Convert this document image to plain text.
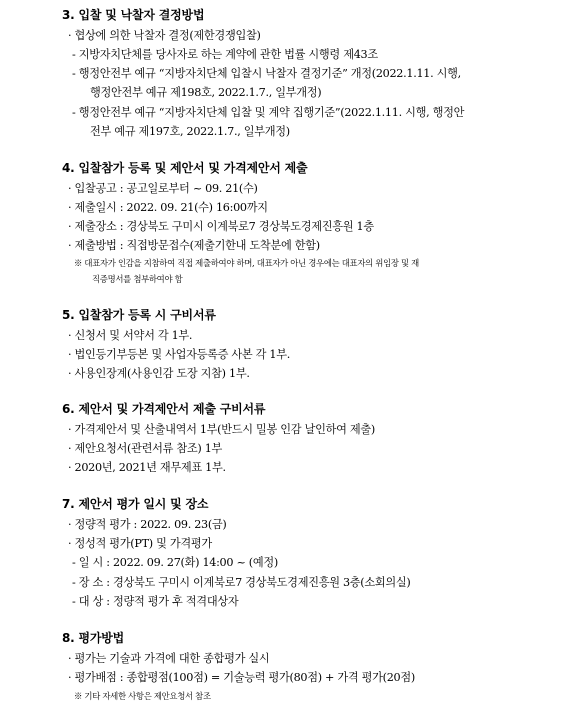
3. 입찰 및 낙찰자 결정방법
· 협상에 의한 낙찰자 결정(제한경쟁입찰)
- 지방자치단체를 당사자로 하는 계약에 관한 법률 시행령 제43조
- 행정안전부 예규 “지방자치단체 입찰시 낙찰자 결정기준” 개정(2022.1.11. 시행,
행정안전부 예규 제198호, 2022.1.7., 일부개정)
- 행정안전부 예규 “지방자치단체 입찰 및 계약 집행기준”(2022.1.11. 시행, 행정안
전부 예규 제197호, 2022.1.7., 일부개정)
4. 입찰참가 등록 및 제안서 및 가격제안서 제출
· 입찰공고 : 공고일로부터 ~ 09. 21(수)
· 제출일시 : 2022. 09. 21(수) 16:00까지
· 제출장소 : 경상북도 구미시 이계북로7 경상북도경제진흥원 1층
· 제출방법 : 직접방문접수(제출기한내 도착분에 한함)
※ 대표자가 인감을 지참하여 직접 제출하여야 하며, 대표자가 아닌 경우에는 대표자의 위임장 및 재
직증명서를 첨부하여야 함
5. 입찰참가 등록 시 구비서류
· 신청서 및 서약서 각 1부.
· 법인등기부등본 및 사업자등록증 사본 각 1부.
· 사용인장계(사용인감 도장 지참) 1부.
6. 제안서 및 가격제안서 제출 구비서류
· 가격제안서 및 산출내역서 1부(반드시 밀봉 인감 날인하여 제출)
· 제안요청서(관련서류 참조) 1부
· 2020년, 2021년 재무제표 1부.
7. 제안서 평가 일시 및 장소
· 정량적 평가 : 2022. 09. 23(금)
· 정성적 평가(PT) 및 가격평가
- 일 시 : 2022. 09. 27(화) 14:00 ~ (예정)
- 장 소 : 경상북도 구미시 이계북로7 경상북도경제진흥원 3층(소회의실)
- 대 상 : 정량적 평가 후 적격대상자
8. 평가방법
· 평가는 기술과 가격에 대한 종합평가 실시
· 평가배점 : 종합평점(100점) = 기술능력 평가(80점) + 가격 평가(20점)
※ 기타 자세한 사항은 제안요청서 참조
